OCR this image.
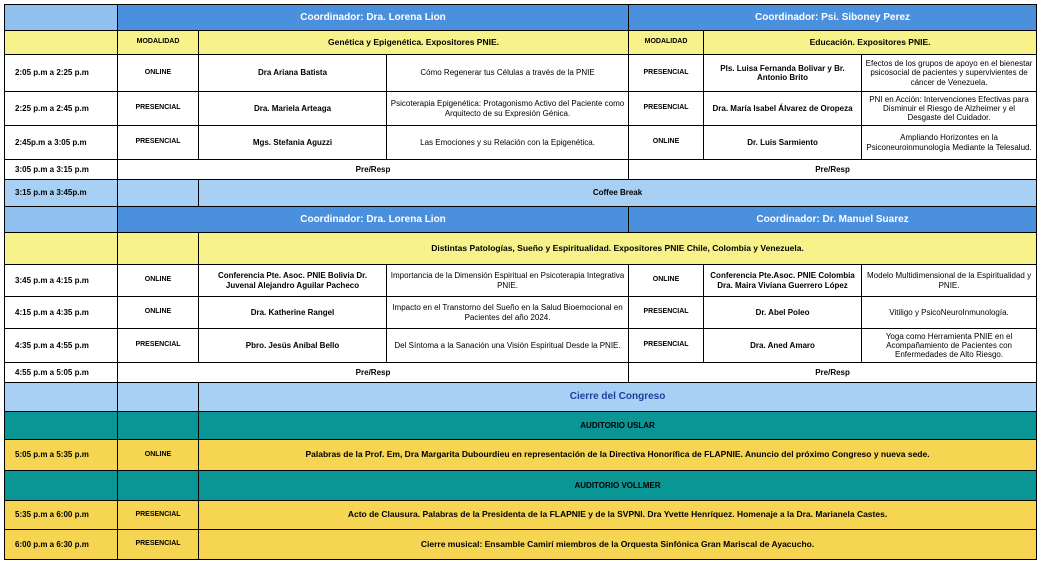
	Coordinador: Dra. Lorena Lion			Coordinador: Psi. Siboney Perez		
	MODALIDAD	Genética y Epigenética. Expositores PNIE.		MODALIDAD	Educación. Expositores PNIE.	
2:05 p.m a 2:25 p.m	ONLINE	Dra Ariana Batista	Cómo Regenerar tus Células a través de la PNIE	PRESENCIAL	Pls. Luisa Fernanda Bolivar y Br. Antonio Brito	Efectos de los grupos de apoyo en el bienestar psicosocial de pacientes y supervivientes de cáncer de Venezuela.
2:25 p.m a 2:45 p.m	PRESENCIAL	Dra. Mariela Arteaga	Psicoterapia Epigenética: Protagonismo Activo del Paciente como Arquitecto de su Expresión Génica.	PRESENCIAL	Dra. María Isabel Álvarez de Oropeza	PNI en Acción: Intervenciones Efectivas para Disminuir el Riesgo de Alzheimer y el Desgaste del Cuidador.
2:45p.m a 3:05 p.m	PRESENCIAL	Mgs. Stefania Aguzzi	Las Emociones y su Relación con la Epigenética.	ONLINE	Dr. Luis Sarmiento	Ampliando Horizontes en la Psiconeuroinmunología Mediante la Telesalud.
3:05 p.m a 3:15 p.m	Pre/Resp			Pre/Resp		
3:15 p.m a 3:45p.m		Coffee Break				
	Coordinador: Dra. Lorena Lion			Coordinador: Dr. Manuel Suarez		
		Distintas Patologías, Sueño y Espiritualidad. Expositores PNIE Chile, Colombia y Venezuela.				
3:45 p.m a 4:15 p.m	ONLINE	Conferencia Pte. Asoc. PNIE Bolivia Dr. Juvenal Alejandro Aguilar Pacheco	Importancia de la Dimensión Espiritual en Psicoterapia Integrativa PNIE.	ONLINE	Conferencia Pte.Asoc. PNIE Colombia Dra. Maira Viviana Guerrero López	Modelo Multidimensional de la Espiritualidad y PNIE.
4:15 p.m a 4:35 p.m	ONLINE	Dra. Katherine Rangel	Impacto en el Transtorno del Sueño en la Salud Bioemocional en Pacientes del año 2024.	PRESENCIAL	Dr. Abel Poleo	Vitiligo y PsicoNeuroInmunología.
4:35 p.m a 4:55 p.m	PRESENCIAL	Pbro. Jesús Aníbal Bello	Del Síntoma a la Sanación una Visión Espiritual Desde la PNIE.	PRESENCIAL	Dra. Aned Amaro	Yoga como Herramienta PNIE en el Acompañamiento de Pacientes con Enfermedades de Alto Riesgo.
4:55 p.m a 5:05 p.m	Pre/Resp			Pre/Resp		
		Cierre del Congreso				
		AUDITORIO USLAR				
5:05 p.m a 5:35 p.m	ONLINE	Palabras de la Prof. Em, Dra Margarita Dubourdieu en representación de la Directiva Honorífica de FLAPNIE. Anuncio del próximo Congreso y nueva sede.				
		AUDITORIO VOLLMER				
5:35 p.m a 6:00 p.m	PRESENCIAL	Acto de Clausura. Palabras de la Presidenta de la FLAPNIE y de la SVPNI. Dra Yvette Henríquez. Homenaje a la Dra. Marianela Castes.				
6:00 p.m a 6:30 p.m	PRESENCIAL	Cierre musical: Ensamble Camirí miembros de la Orquesta Sinfónica Gran Mariscal de Ayacucho.				
